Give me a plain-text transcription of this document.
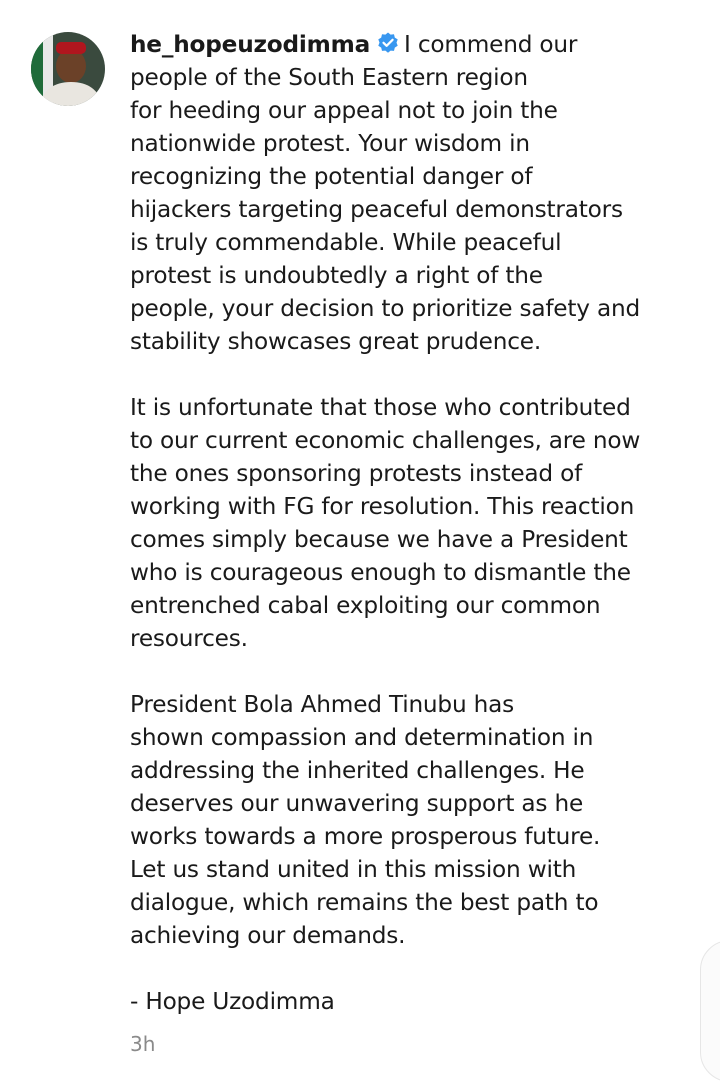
he_hopeuzodimma I commend our
people of the South Eastern region
for heeding our appeal not to join the
nationwide protest. Your wisdom in
recognizing the potential danger of
hijackers targeting peaceful demonstrators
is truly commendable. While peaceful
protest is undoubtedly a right of the
people, your decision to prioritize safety and
stability showcases great prudence.

It is unfortunate that those who contributed
to our current economic challenges, are now
the ones sponsoring protests instead of
working with FG for resolution. This reaction
comes simply because we have a President
who is courageous enough to dismantle the
entrenched cabal exploiting our common
resources.

President Bola Ahmed Tinubu has
shown compassion and determination in
addressing the inherited challenges. He
deserves our unwavering support as he
works towards a more prosperous future.
Let us stand united in this mission with
dialogue, which remains the best path to
achieving our demands.

- Hope Uzodimma
3h
